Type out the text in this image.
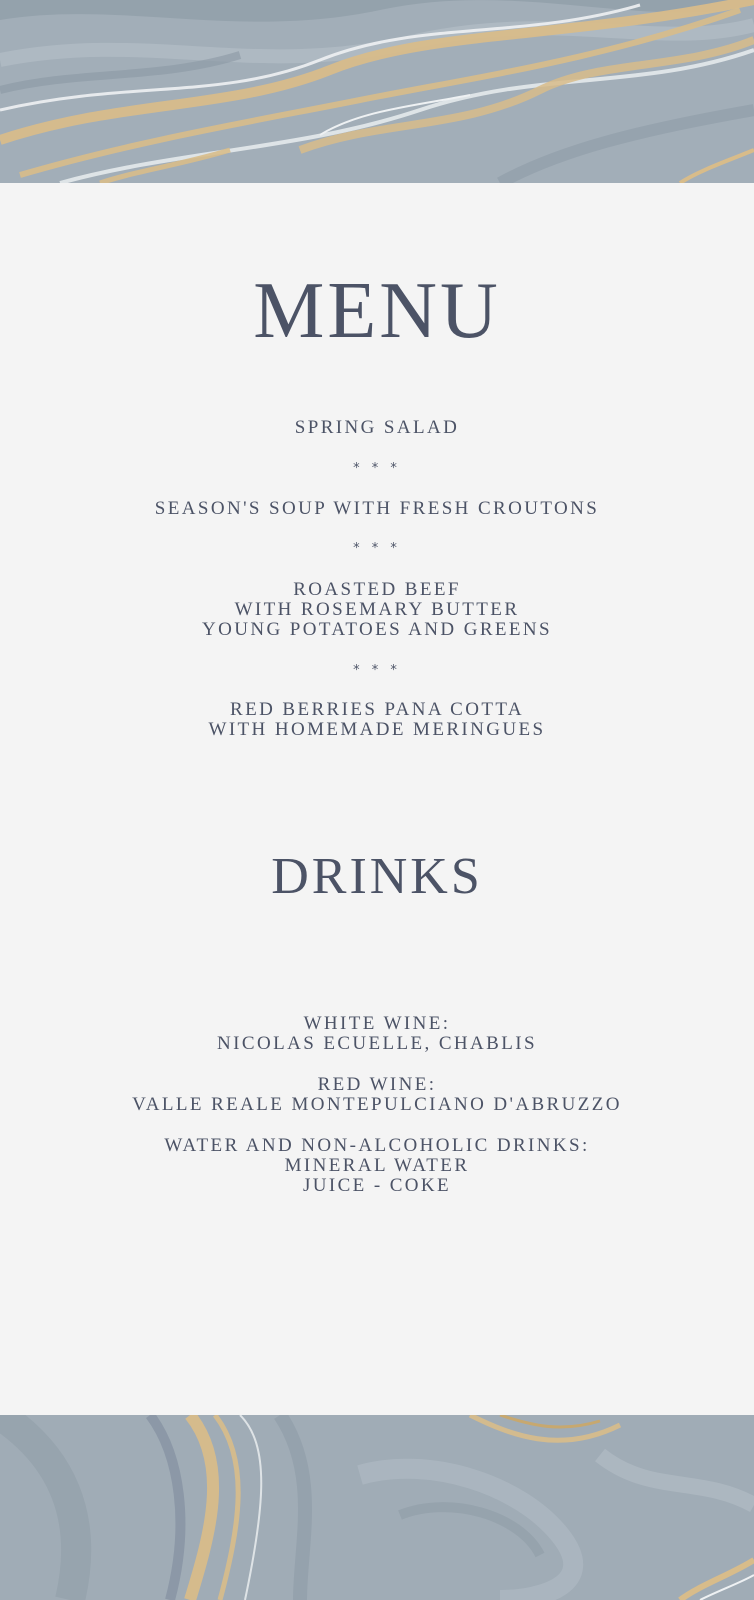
MENU
SPRING SALAD
* * *
SEASON'S SOUP WITH FRESH CROUTONS
* * *
ROASTED BEEF
WITH ROSEMARY BUTTER
YOUNG POTATOES AND GREENS
* * *
RED BERRIES PANA COTTA
WITH HOMEMADE MERINGUES
DRINKS
WHITE WINE:
NICOLAS ECUELLE, CHABLIS
RED WINE:
VALLE REALE MONTEPULCIANO D'ABRUZZO
WATER AND NON-ALCOHOLIC DRINKS:
MINERAL WATER
JUICE - COKE
